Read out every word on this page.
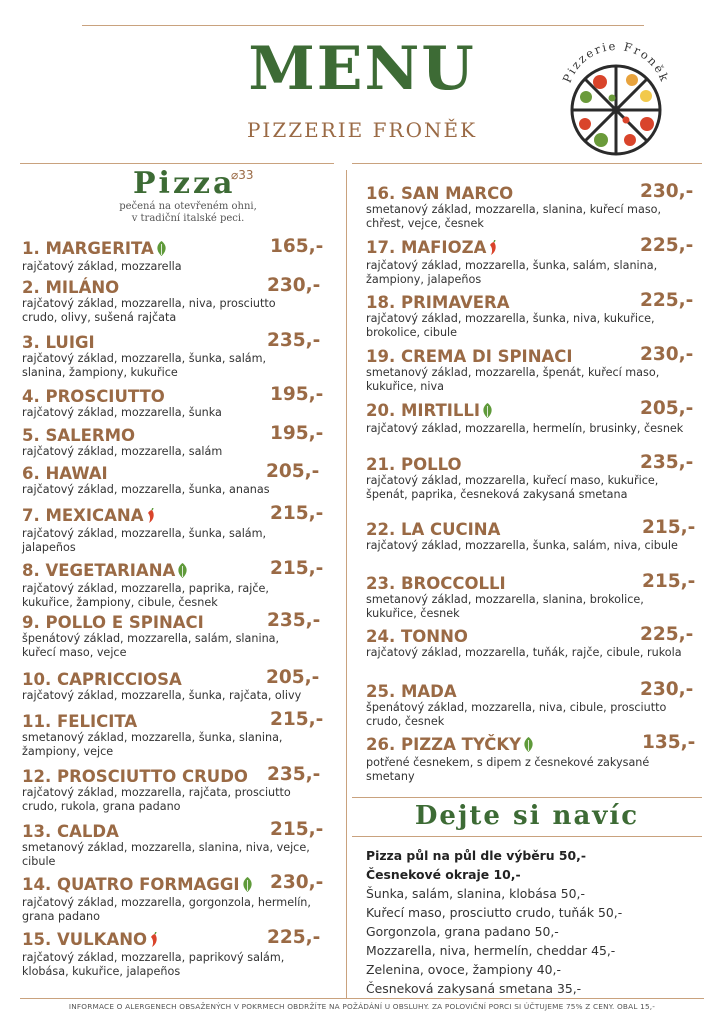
MENU
PIZZERIE FRONĚK
Pizzerie Froněk
Pizza
⌀33
pečená na otevřeném ohni,
v tradiční italské peci.
1. MARGERITA	165,-
rajčatový základ, mozzarella
2. MILÁNO	230,-
rajčatový základ, mozzarella, niva, prosciutto crudo, olivy, sušená rajčata
3. LUIGI	235,-
rajčatový základ, mozzarella, šunka, salám, slanina, žampiony, kukuřice
4. PROSCIUTTO	195,-
rajčatový základ, mozzarella, šunka
5. SALERMO	195,-
rajčatový základ, mozzarella, salám
6. HAWAI	205,-
rajčatový základ, mozzarella, šunka, ananas
7. MEXICANA	215,-
rajčatový základ, mozzarella, šunka, salám, jalapeños
8. VEGETARIANA	215,-
rajčatový základ, mozzarella, paprika, rajče, kukuřice, žampiony, cibule, česnek
9. POLLO E SPINACI	235,-
špenátový základ, mozzarella, salám, slanina, kuřecí maso, vejce
10. CAPRICCIOSA	205,-
rajčatový základ, mozzarella, šunka, rajčata, olivy
11. FELICITA	215,-
smetanový základ, mozzarella, šunka, slanina, žampiony, vejce
12. PROSCIUTTO CRUDO	235,-
rajčatový základ, mozzarella, rajčata, prosciutto crudo, rukola, grana padano
13. CALDA	215,-
smetanový základ, mozzarella, slanina, niva, vejce, cibule
14. QUATRO FORMAGGI	230,-
rajčatový základ, mozzarella, gorgonzola, hermelín, grana padano
15. VULKANO	225,-
rajčatový základ, mozzarella, paprikový salám, klobása, kukuřice, jalapeños
16. SAN MARCO	230,-
smetanový základ, mozzarella, slanina, kuřecí maso, chřest, vejce, česnek
17. MAFIOZA	225,-
rajčatový základ, mozzarella, šunka, salám, slanina, žampiony, jalapeños
18. PRIMAVERA	225,-
rajčatový základ, mozzarella, šunka, niva, kukuřice, brokolice, cibule
19. CREMA DI SPINACI	230,-
smetanový základ, mozzarella, špenát, kuřecí maso, kukuřice, niva
20. MIRTILLI	205,-
rajčatový základ, mozzarella, hermelín, brusinky, česnek
21. POLLO	235,-
rajčatový základ, mozzarella, kuřecí maso, kukuřice, špenát, paprika, česneková zakysaná smetana
22. LA CUCINA	215,-
rajčatový základ, mozzarella, šunka, salám, niva, cibule
23. BROCCOLLI	215,-
smetanový základ, mozzarella, slanina, brokolice, kukuřice, česnek
24. TONNO	225,-
rajčatový základ, mozzarella, tuňák, rajče, cibule, rukola
25. MADA	230,-
špenátový základ, mozzarella, niva, cibule, prosciutto crudo, česnek
26. PIZZA TYČKY	135,-
potřené česnekem, s dipem z česnekové zakysané smetany
Dejte si navíc
Pizza půl na půl dle výběru 50,-
Česnekové okraje 10,-
Šunka, salám, slanina, klobása 50,-
Kuřecí maso, prosciutto crudo, tuňák 50,-
Gorgonzola, grana padano 50,-
Mozzarella, niva, hermelín, cheddar 45,-
Zelenina, ovoce, žampiony 40,-
Česneková zakysaná smetana 35,-
INFORMACE O ALERGENECH OBSAŽENÝCH V POKRMECH OBDRŽÍTE NA POŽÁDÁNÍ U OBSLUHY. ZA POLOVIČNÍ PORCI SI ÚČTUJEME 75% Z CENY. OBAL 15,-
